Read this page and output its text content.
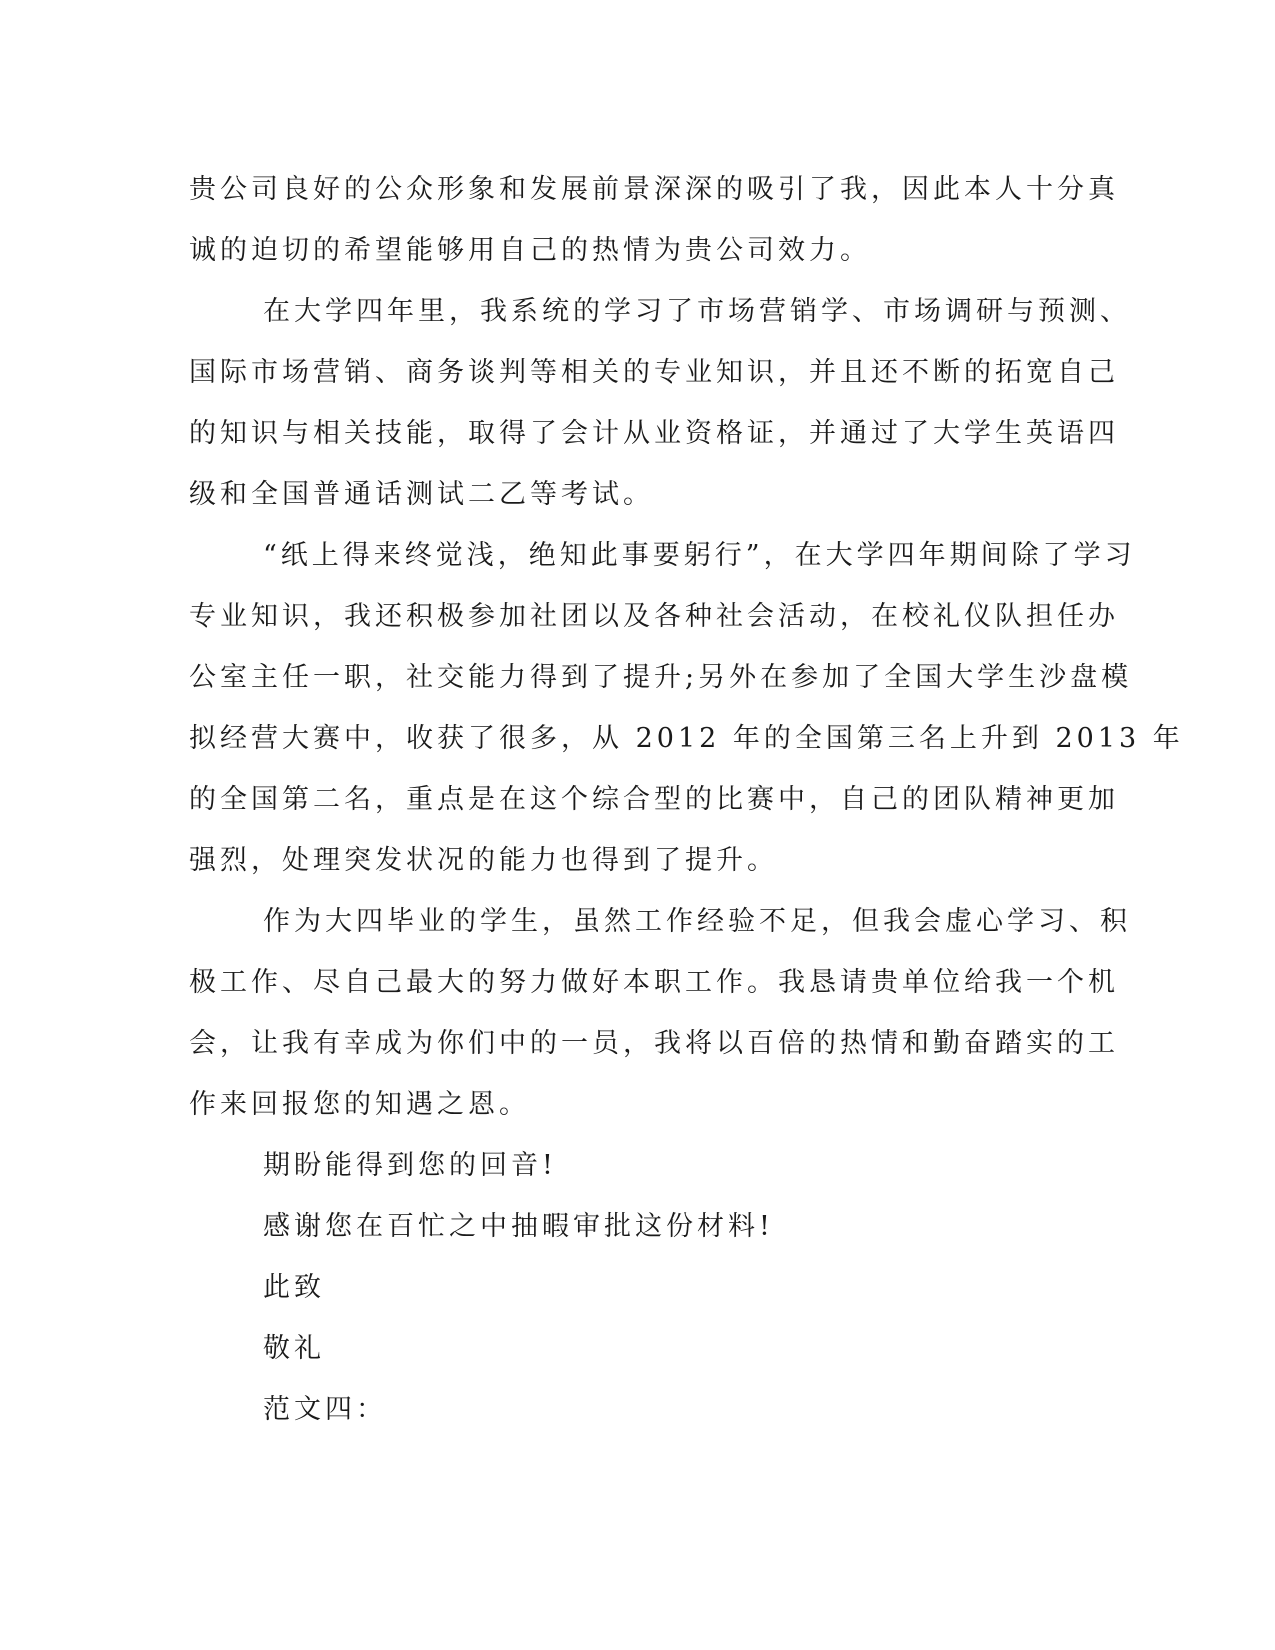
贵公司良好的公众形象和发展前景深深的吸引了我，因此本人十分真
诚的迫切的希望能够用自己的热情为贵公司效力。
在大学四年里，我系统的学习了市场营销学、市场调研与预测、
国际市场营销、商务谈判等相关的专业知识，并且还不断的拓宽自己
的知识与相关技能，取得了会计从业资格证，并通过了大学生英语四
级和全国普通话测试二乙等考试。
“纸上得来终觉浅，绝知此事要躬行”，在大学四年期间除了学习
专业知识，我还积极参加社团以及各种社会活动，在校礼仪队担任办
公室主任一职，社交能力得到了提升;另外在参加了全国大学生沙盘模
拟经营大赛中，收获了很多，从 2012 年的全国第三名上升到 2013 年
的全国第二名，重点是在这个综合型的比赛中，自己的团队精神更加
强烈，处理突发状况的能力也得到了提升。
作为大四毕业的学生，虽然工作经验不足，但我会虚心学习、积
极工作、尽自己最大的努力做好本职工作。我恳请贵单位给我一个机
会，让我有幸成为你们中的一员，我将以百倍的热情和勤奋踏实的工
作来回报您的知遇之恩。
期盼能得到您的回音!
感谢您在百忙之中抽暇审批这份材料!
此致
敬礼
范文四：
